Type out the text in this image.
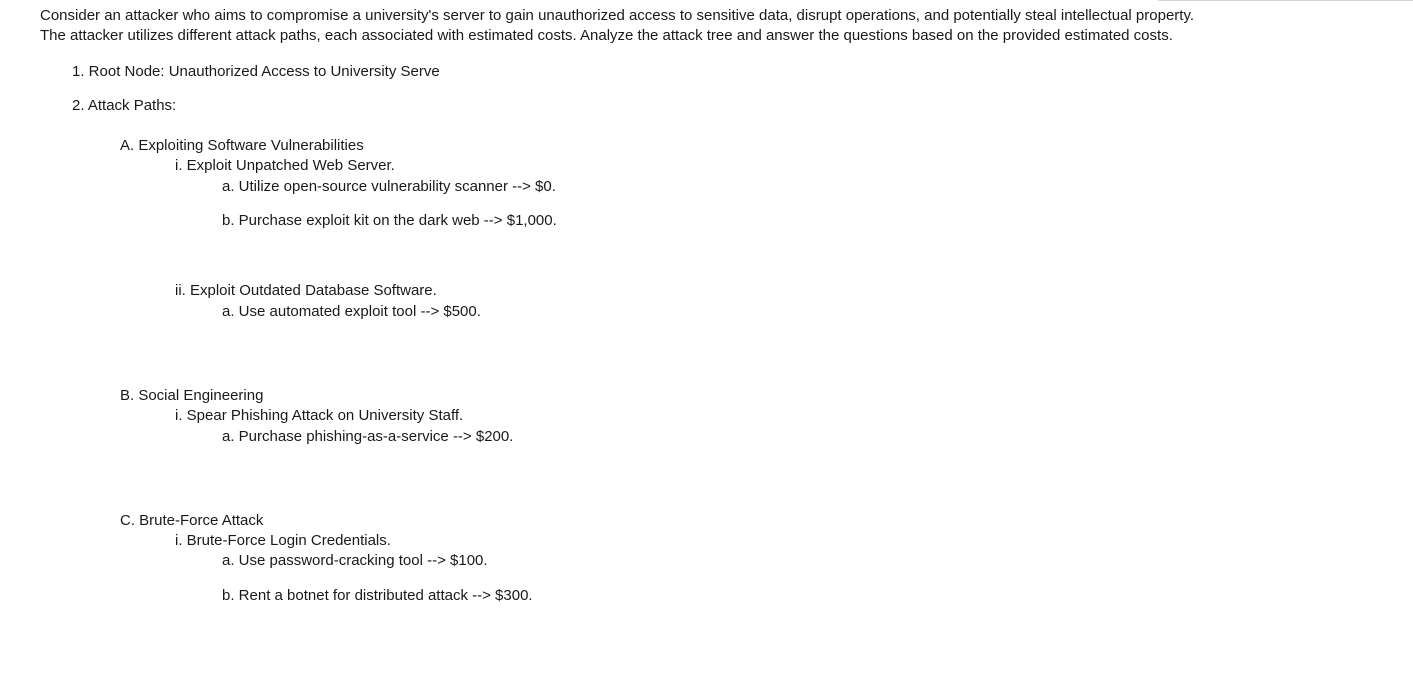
Consider an attacker who aims to compromise a university's server to gain unauthorized access to sensitive data, disrupt operations, and potentially steal intellectual property.
The attacker utilizes different attack paths, each associated with estimated costs. Analyze the attack tree and answer the questions based on the provided estimated costs.
1. Root Node: Unauthorized Access to University Serve
2. Attack Paths:
A. Exploiting Software Vulnerabilities
i. Exploit Unpatched Web Server.
a. Utilize open-source vulnerability scanner --> $0.
b. Purchase exploit kit on the dark web --> $1,000.
ii. Exploit Outdated Database Software.
a. Use automated exploit tool --> $500.
B. Social Engineering
i. Spear Phishing Attack on University Staff.
a. Purchase phishing-as-a-service --> $200.
C. Brute-Force Attack
i. Brute-Force Login Credentials.
a. Use password-cracking tool --> $100.
b. Rent a botnet for distributed attack --> $300.
